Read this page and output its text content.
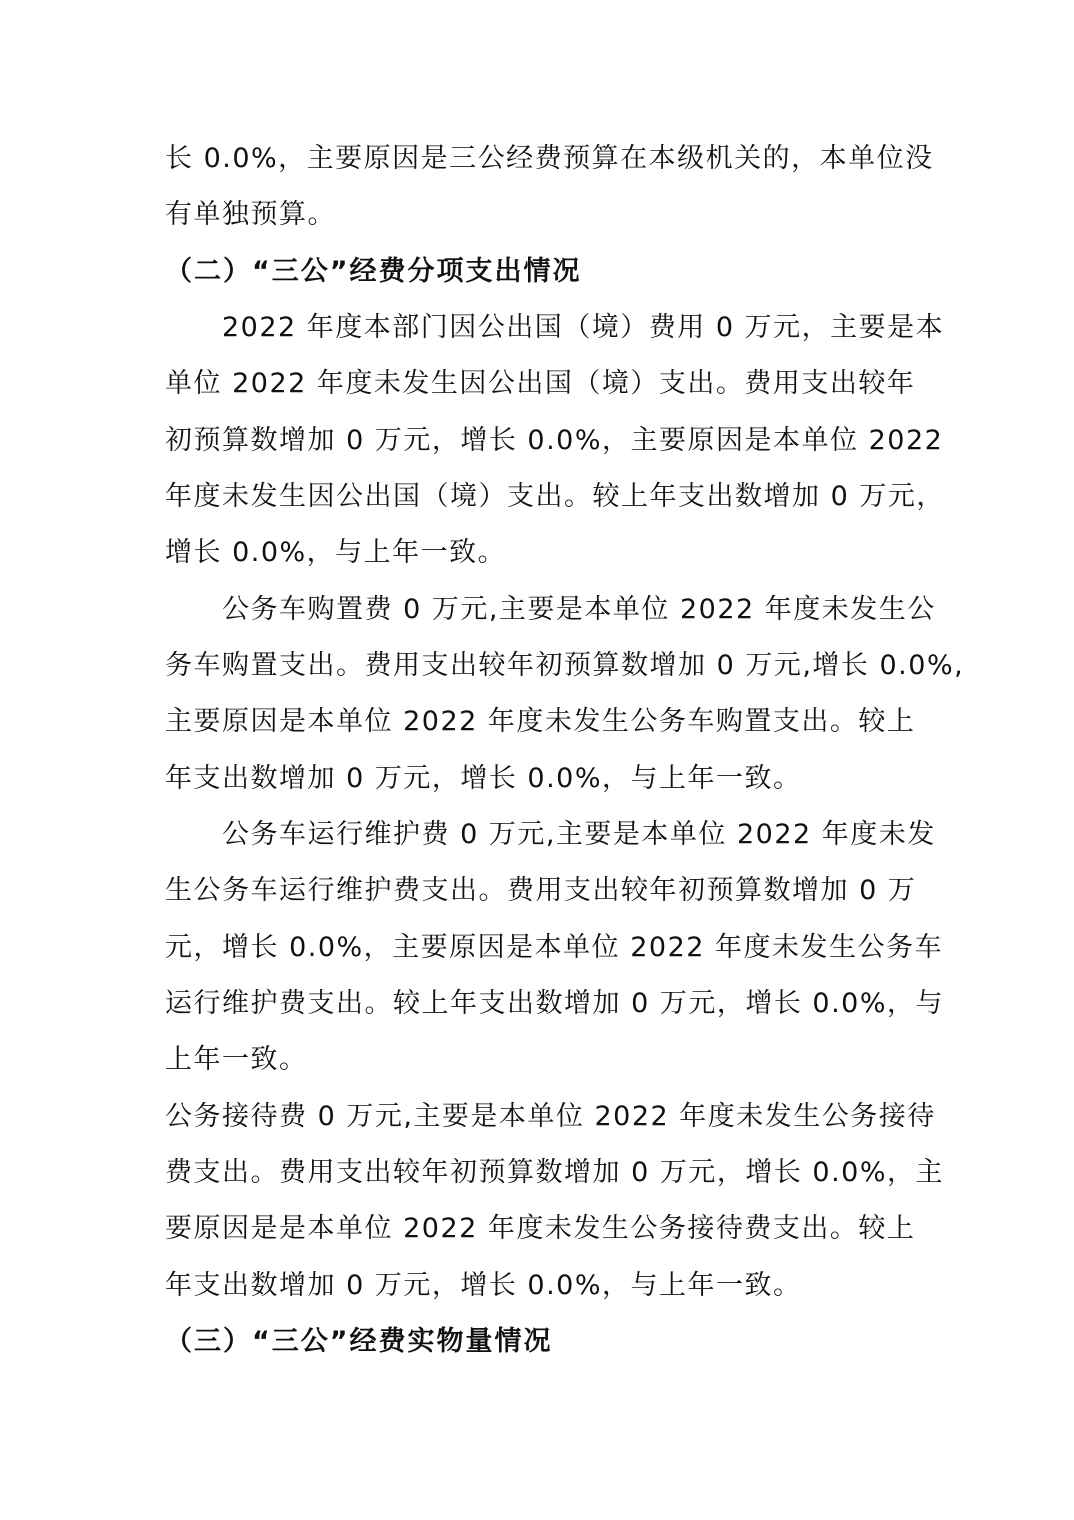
长 0.0%，主要原因是三公经费预算在本级机关的，本单位没
有单独预算。
（二）“三公”经费分项支出情况
2022 年度本部门因公出国（境）费用 0 万元，主要是本
单位 2022 年度未发生因公出国（境）支出。费用支出较年
初预算数增加 0 万元，增长 0.0%，主要原因是本单位 2022
年度未发生因公出国（境）支出。较上年支出数增加 0 万元，
增长 0.0%，与上年一致。
公务车购置费 0 万元,主要是本单位 2022 年度未发生公
务车购置支出。费用支出较年初预算数增加 0 万元,增长 0.0%,
主要原因是本单位 2022 年度未发生公务车购置支出。较上
年支出数增加 0 万元，增长 0.0%，与上年一致。
公务车运行维护费 0 万元,主要是本单位 2022 年度未发
生公务车运行维护费支出。费用支出较年初预算数增加 0 万
元，增长 0.0%，主要原因是本单位 2022 年度未发生公务车
运行维护费支出。较上年支出数增加 0 万元，增长 0.0%，与
上年一致。
公务接待费 0 万元,主要是本单位 2022 年度未发生公务接待
费支出。费用支出较年初预算数增加 0 万元，增长 0.0%，主
要原因是是本单位 2022 年度未发生公务接待费支出。较上
年支出数增加 0 万元，增长 0.0%，与上年一致。
（三）“三公”经费实物量情况
